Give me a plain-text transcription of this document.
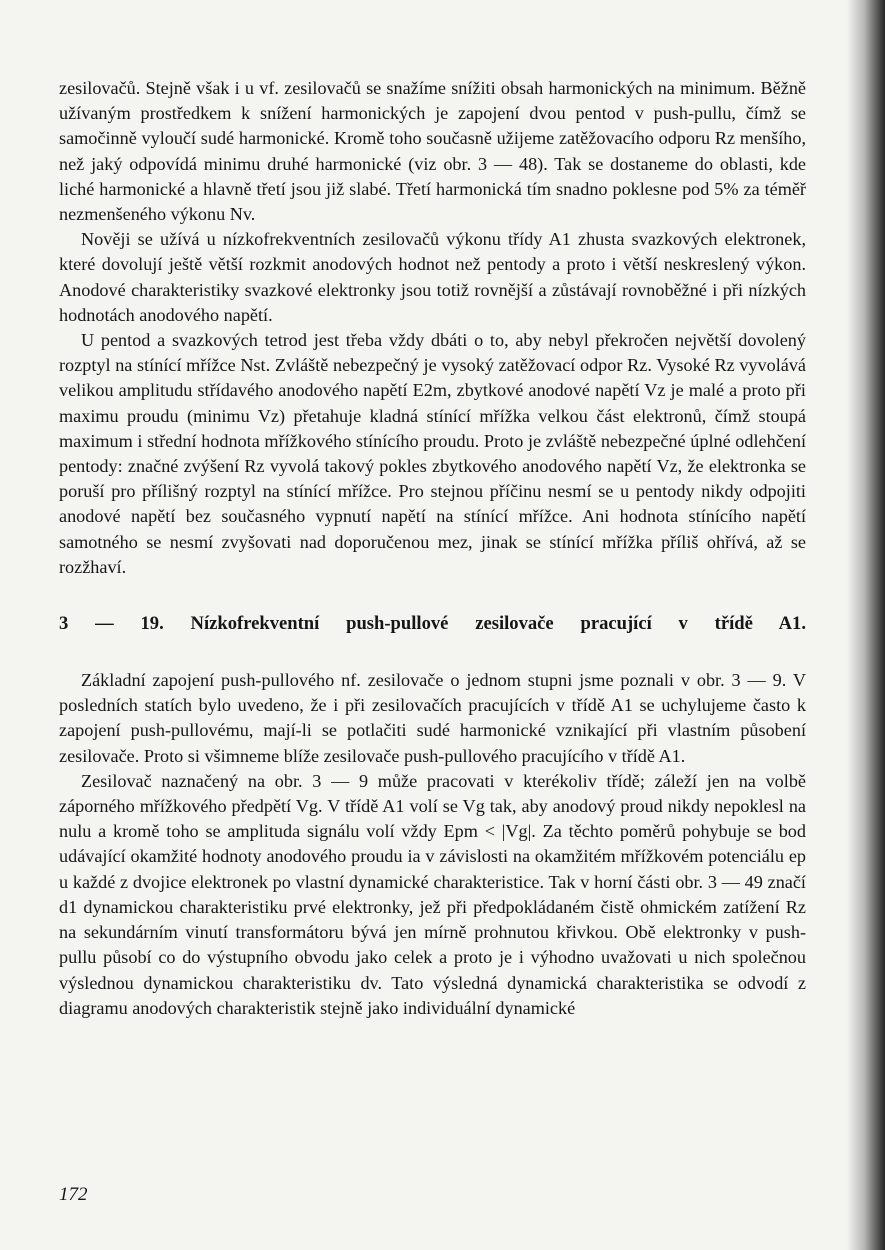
zesilovačů. Stejně však i u vf. zesilovačů se snažíme snížiti obsah harmonických na minimum. Běžně užívaným prostředkem k snížení harmonických je zapojení dvou pentod v push-pullu, čímž se samočinně vyloučí sudé harmonické. Kromě toho současně užijeme zatěžovacího odporu Rz menšího, než jaký odpovídá minimu druhé harmonické (viz obr. 3 — 48). Tak se dostaneme do oblasti, kde liché harmonické a hlavně třetí jsou již slabé. Třetí harmonická tím snadno poklesne pod 5% za téměř nezmenšeného výkonu Nv.

Nověji se užívá u nízkofrekventních zesilovačů výkonu třídy A1 zhusta svazkových elektronek, které dovolují ještě větší rozkmit anodových hodnot než pentody a proto i větší neskreslený výkon. Anodové charakteristiky svazkové elektronky jsou totiž rovnější a zůstávají rovnoběžné i při nízkých hodnotách anodového napětí.

U pentod a svazkových tetrod jest třeba vždy dbáti o to, aby nebyl překročen největší dovolený rozptyl na stínící mřížce Nst. Zvláště nebezpečný je vysoký zatěžovací odpor Rz. Vysoké Rz vyvolává velikou amplitudu střídavého anodového napětí E2m, zbytkové anodové napětí Vz je malé a proto při maximu proudu (minimu Vz) přetahuje kladná stínící mřížka velkou část elektronů, čímž stoupá maximum i střední hodnota mřížkového stínícího proudu. Proto je zvláště nebezpečné úplné odlehčení pentody: značné zvýšení Rz vyvolá takový pokles zbytkového anodového napětí Vz, že elektronka se poruší pro přílišný rozptyl na stínící mřížce. Pro stejnou příčinu nesmí se u pentody nikdy odpojiti anodové napětí bez současného vypnutí napětí na stínící mřížce. Ani hodnota stínícího napětí samotného se nesmí zvyšovati nad doporučenou mez, jinak se stínící mřížka příliš ohřívá, až se rozžhaví.

3 — 19. Nízkofrekventní push-pullové zesilovače pracující v třídě A1.

Základní zapojení push-pullového nf. zesilovače o jednom stupni jsme poznali v obr. 3 — 9. V posledních statích bylo uvedeno, že i při zesilovačích pracujících v třídě A1 se uchylujeme často k zapojení push-pullovému, mají-li se potlačiti sudé harmonické vznikající při vlastním působení zesilovače. Proto si všimneme blíže zesilovače push-pullového pracujícího v třídě A1.

Zesilovač naznačený na obr. 3 — 9 může pracovati v kterékoliv třídě; záleží jen na volbě záporného mřížkového předpětí Vg. V třídě A1 volí se Vg tak, aby anodový proud nikdy nepoklesl na nulu a kromě toho se amplituda signálu volí vždy Epm < |Vg|. Za těchto poměrů pohybuje se bod udávající okamžité hodnoty anodového proudu ia v závislosti na okamžitém mřížkovém potenciálu ep u každé z dvojice elektronek po vlastní dynamické charakteristice. Tak v horní části obr. 3 — 49 značí d1 dynamickou charakteristiku prvé elektronky, jež při předpokládaném čistě ohmickém zatížení Rz na sekundárním vinutí transformátoru bývá jen mírně prohnutou křivkou. Obě elektronky v push-pullu působí co do výstupního obvodu jako celek a proto je i výhodno uvažovati u nich společnou výslednou dynamickou charakteristiku dv. Tato výsledná dynamická charakteristika se odvodí z diagramu anodových charakteristik stejně jako individuální dynamické

172
